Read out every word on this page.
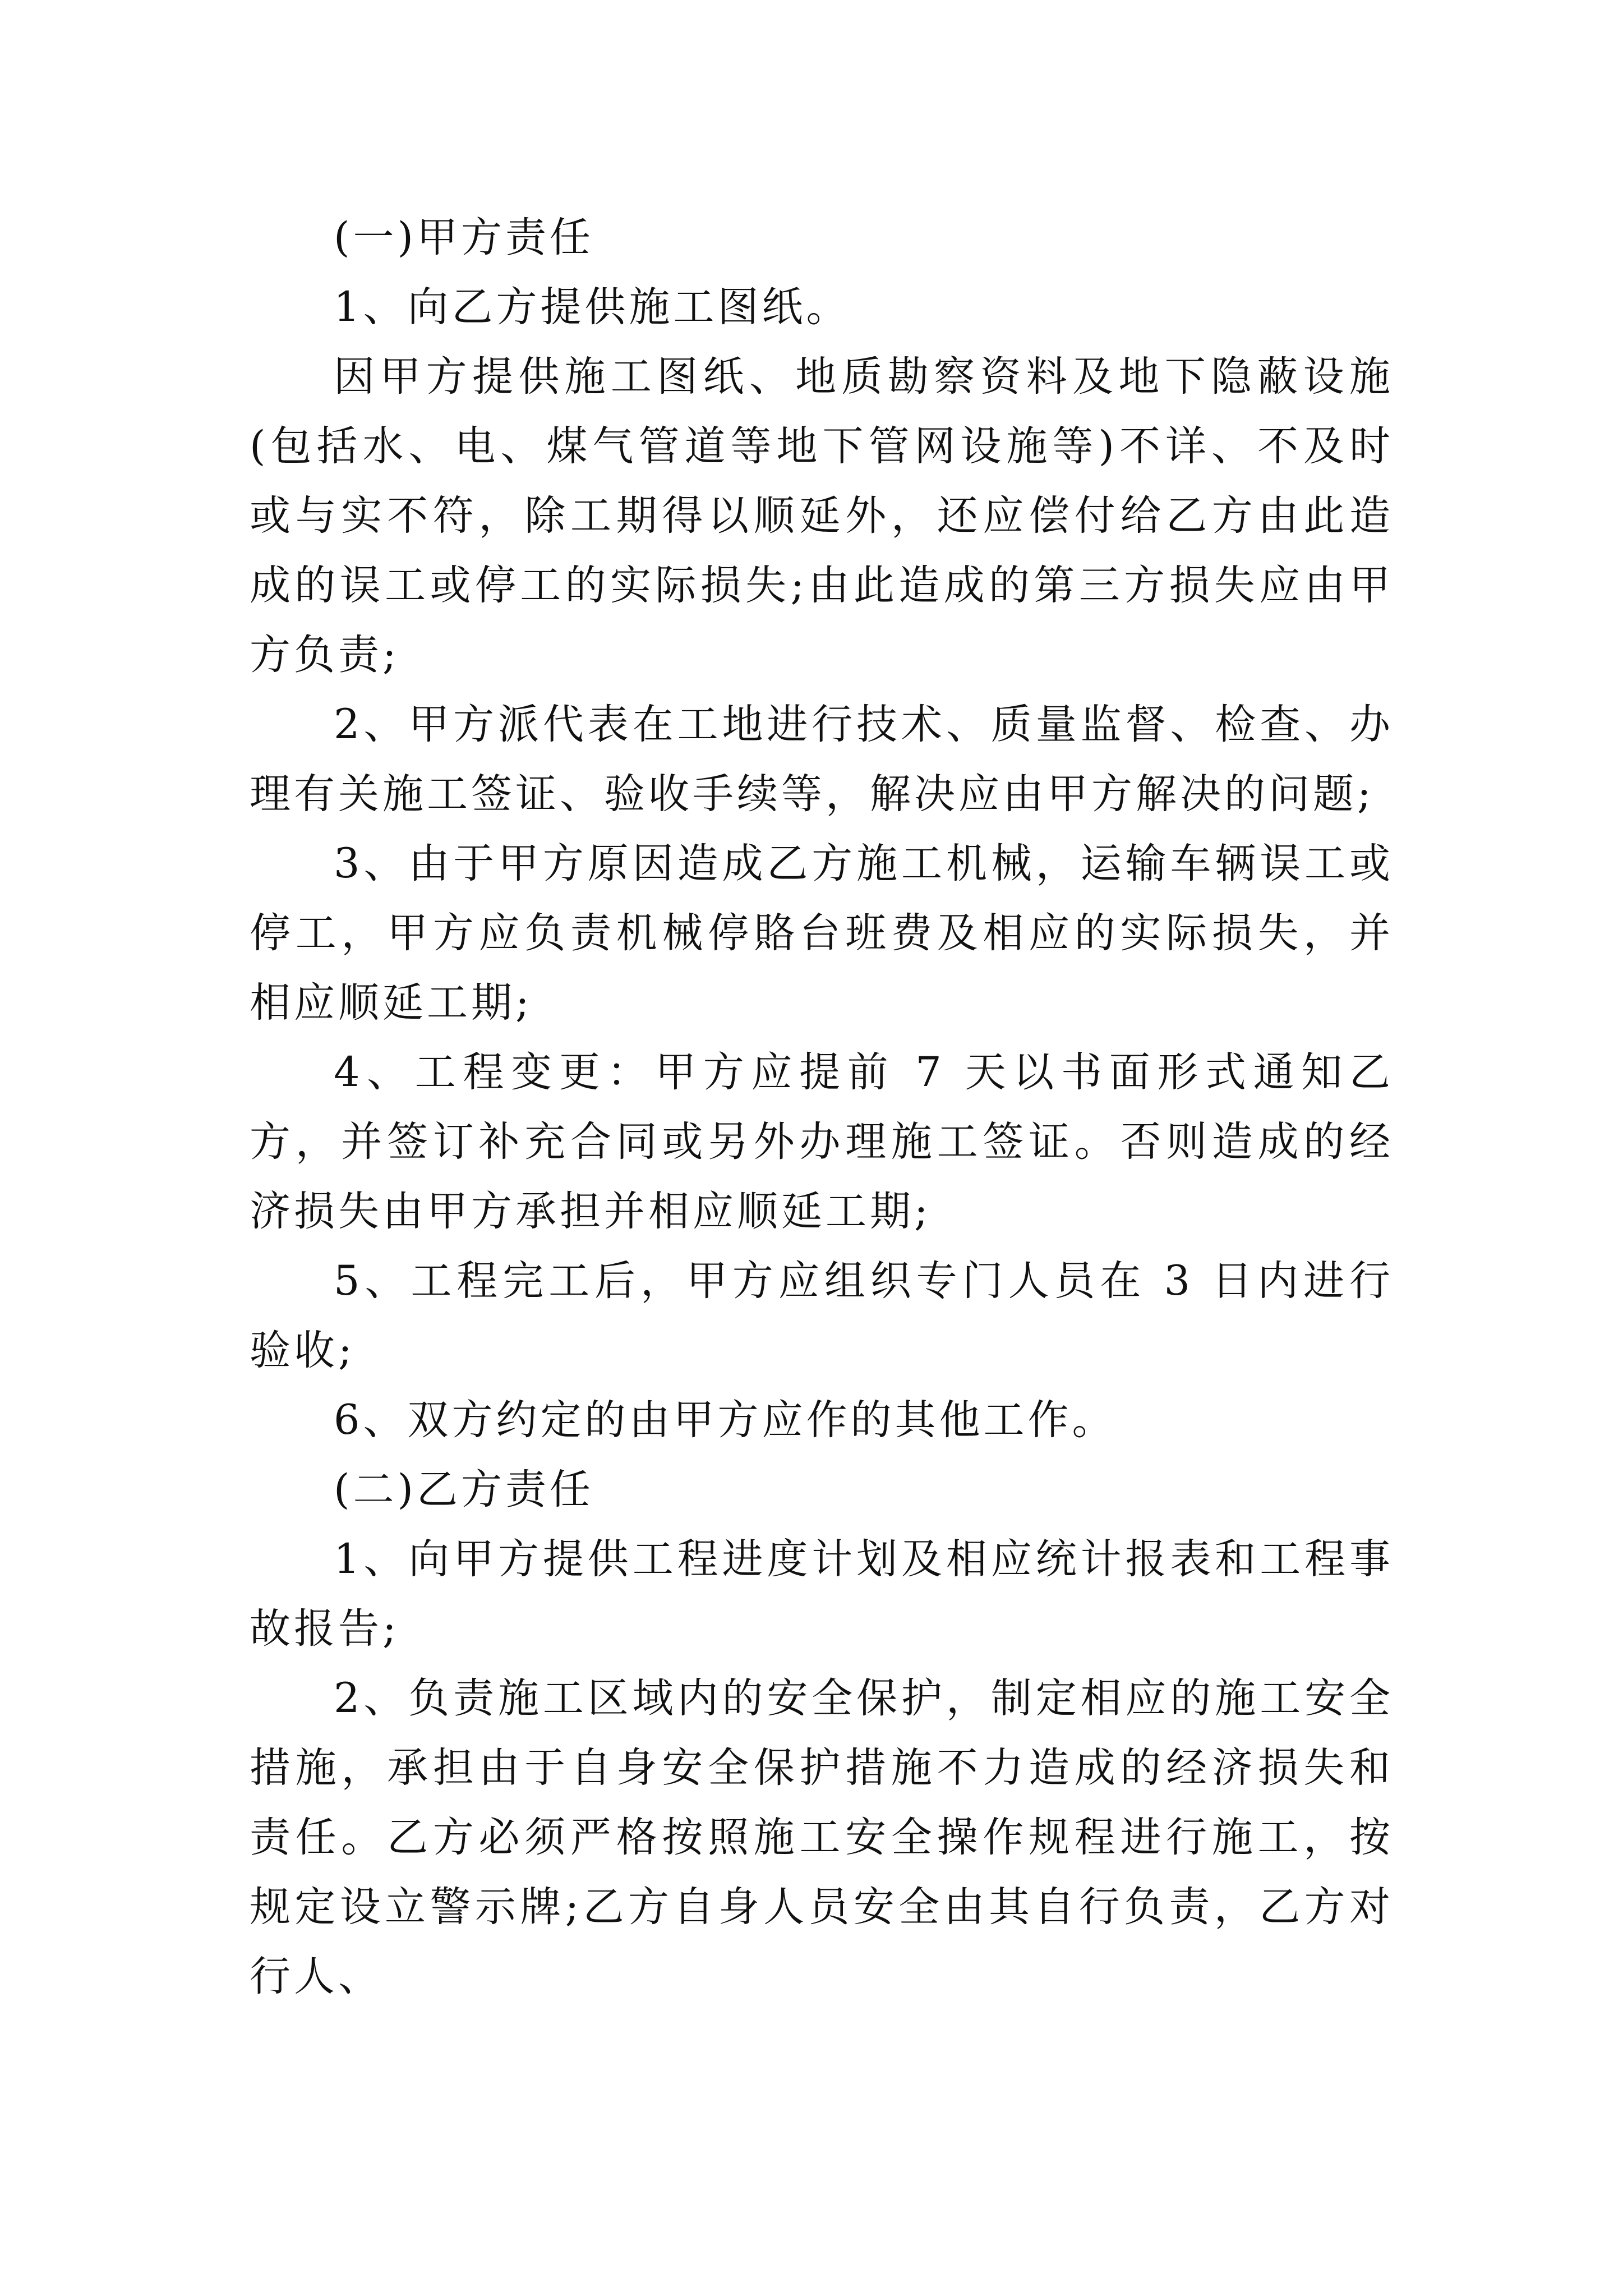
(一)甲方责任

1、向乙方提供施工图纸。

因甲方提供施工图纸、地质勘察资料及地下隐蔽设施(包括水、电、煤气管道等地下管网设施等)不详、不及时或与实不符，除工期得以顺延外，还应偿付给乙方由此造成的误工或停工的实际损失;由此造成的第三方损失应由甲方负责;

2、甲方派代表在工地进行技术、质量监督、检查、办理有关施工签证、验收手续等，解决应由甲方解决的问题;

3、由于甲方原因造成乙方施工机械，运输车辆误工或停工，甲方应负责机械停賂台班费及相应的实际损失，并相应顺延工期;

4、工程变更：甲方应提前 7 天以书面形式通知乙方，并签订补充合同或另外办理施工签证。否则造成的经济损失由甲方承担并相应顺延工期;

5、工程完工后，甲方应组织专门人员在 3 日内进行验收;

6、双方约定的由甲方应作的其他工作。

(二)乙方责任

1、向甲方提供工程进度计划及相应统计报表和工程事故报告;

2、负责施工区域内的安全保护，制定相应的施工安全措施，承担由于自身安全保护措施不力造成的经济损失和责任。乙方必须严格按照施工安全操作规程进行施工，按规定设立警示牌;乙方自身人员安全由其自行负责，乙方对行人、
